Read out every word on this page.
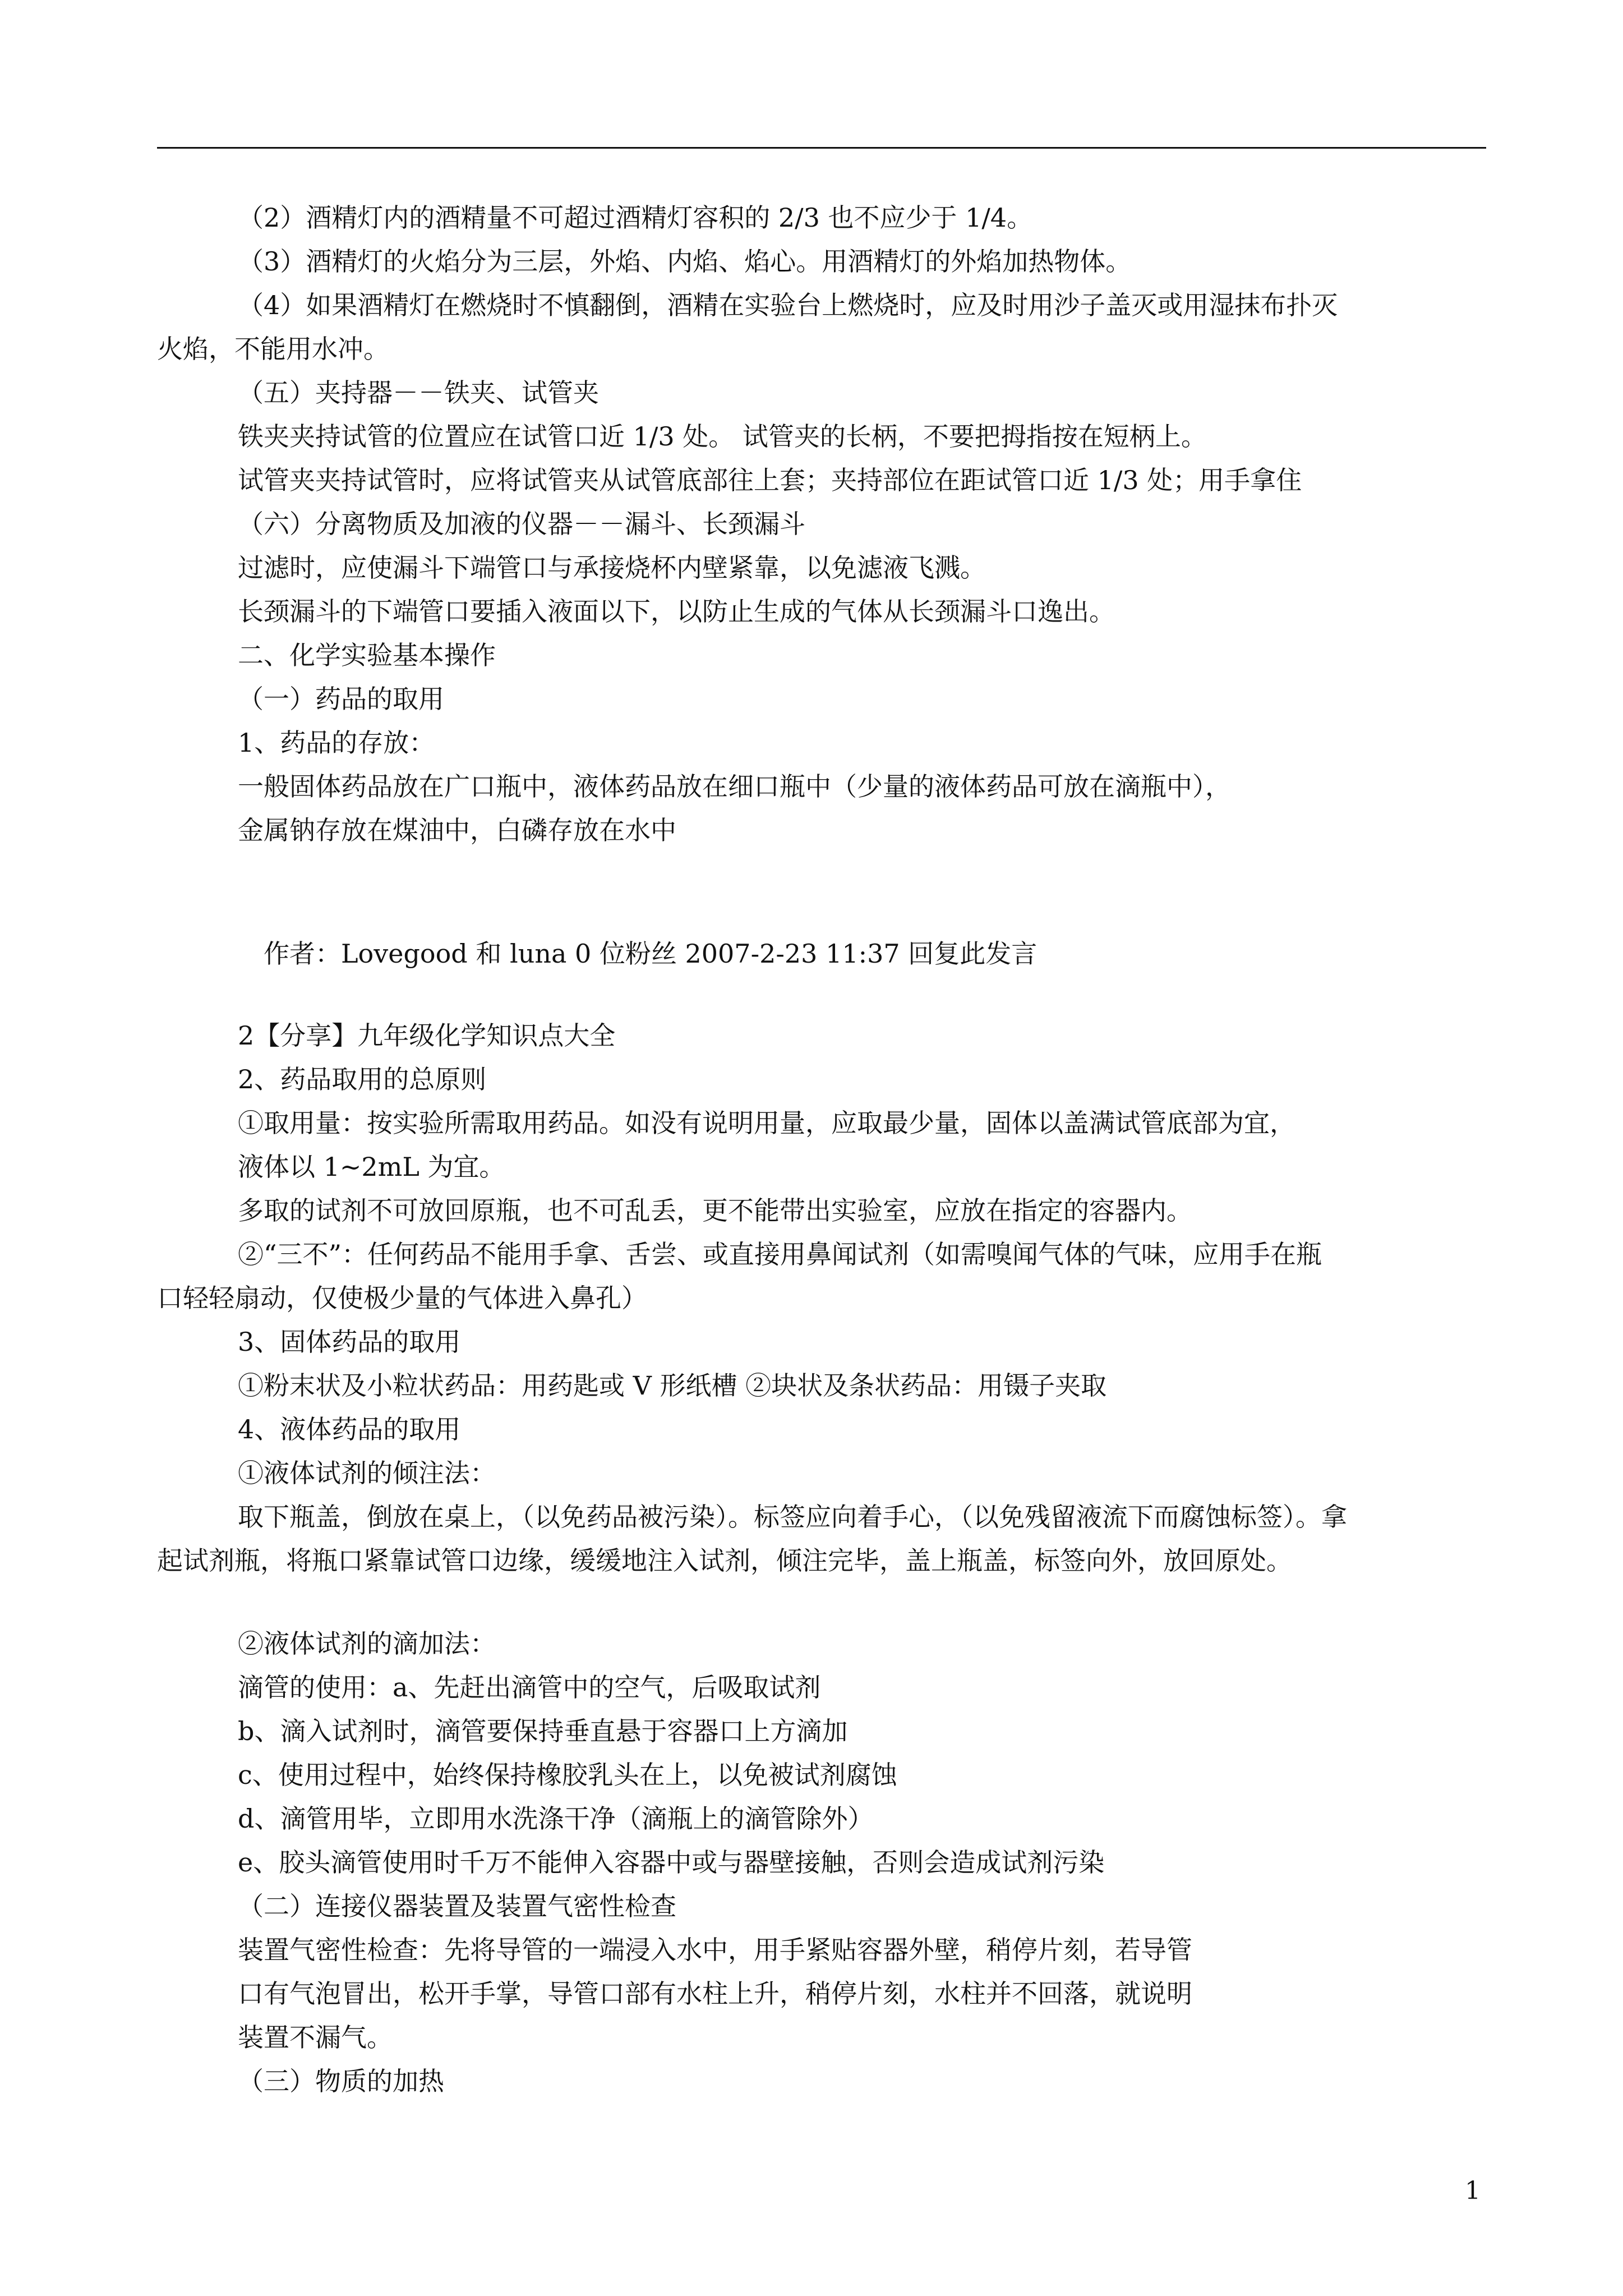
（2）酒精灯内的酒精量不可超过酒精灯容积的 2/3 也不应少于 1/4。
（3）酒精灯的火焰分为三层，外焰、内焰、焰心。用酒精灯的外焰加热物体。
（4）如果酒精灯在燃烧时不慎翻倒，酒精在实验台上燃烧时，应及时用沙子盖灭或用湿抹布扑灭
火焰，不能用水冲。
（五）夹持器－－铁夹、试管夹
铁夹夹持试管的位置应在试管口近 1/3 处。 试管夹的长柄，不要把拇指按在短柄上。
试管夹夹持试管时，应将试管夹从试管底部往上套；夹持部位在距试管口近 1/3 处；用手拿住
（六）分离物质及加液的仪器－－漏斗、长颈漏斗
过滤时，应使漏斗下端管口与承接烧杯内壁紧靠，以免滤液飞溅。
长颈漏斗的下端管口要插入液面以下，以防止生成的气体从长颈漏斗口逸出。
二、化学实验基本操作
（一）药品的取用
1、药品的存放：
一般固体药品放在广口瓶中，液体药品放在细口瓶中（少量的液体药品可放在滴瓶中），
金属钠存放在煤油中，白磷存放在水中
作者：Lovegood 和 luna 0 位粉丝 2007-2-23 11:37 回复此发言
2【分享】九年级化学知识点大全
2、药品取用的总原则
①取用量：按实验所需取用药品。如没有说明用量，应取最少量，固体以盖满试管底部为宜，
液体以 1~2mL 为宜。
多取的试剂不可放回原瓶，也不可乱丢，更不能带出实验室，应放在指定的容器内。
②“三不”：任何药品不能用手拿、舌尝、或直接用鼻闻试剂（如需嗅闻气体的气味，应用手在瓶
口轻轻扇动，仅使极少量的气体进入鼻孔）
3、固体药品的取用
①粉末状及小粒状药品：用药匙或 V 形纸槽 ②块状及条状药品：用镊子夹取
4、液体药品的取用
①液体试剂的倾注法：
取下瓶盖，倒放在桌上，（以免药品被污染）。标签应向着手心，（以免残留液流下而腐蚀标签）。拿
起试剂瓶，将瓶口紧靠试管口边缘，缓缓地注入试剂，倾注完毕，盖上瓶盖，标签向外，放回原处。
②液体试剂的滴加法：
滴管的使用：a、先赶出滴管中的空气，后吸取试剂
b、滴入试剂时，滴管要保持垂直悬于容器口上方滴加
c、使用过程中，始终保持橡胶乳头在上，以免被试剂腐蚀
d、滴管用毕，立即用水洗涤干净（滴瓶上的滴管除外）
e、胶头滴管使用时千万不能伸入容器中或与器壁接触，否则会造成试剂污染
（二）连接仪器装置及装置气密性检查
装置气密性检查：先将导管的一端浸入水中，用手紧贴容器外壁，稍停片刻，若导管
口有气泡冒出，松开手掌，导管口部有水柱上升，稍停片刻，水柱并不回落，就说明
装置不漏气。
（三）物质的加热
1
